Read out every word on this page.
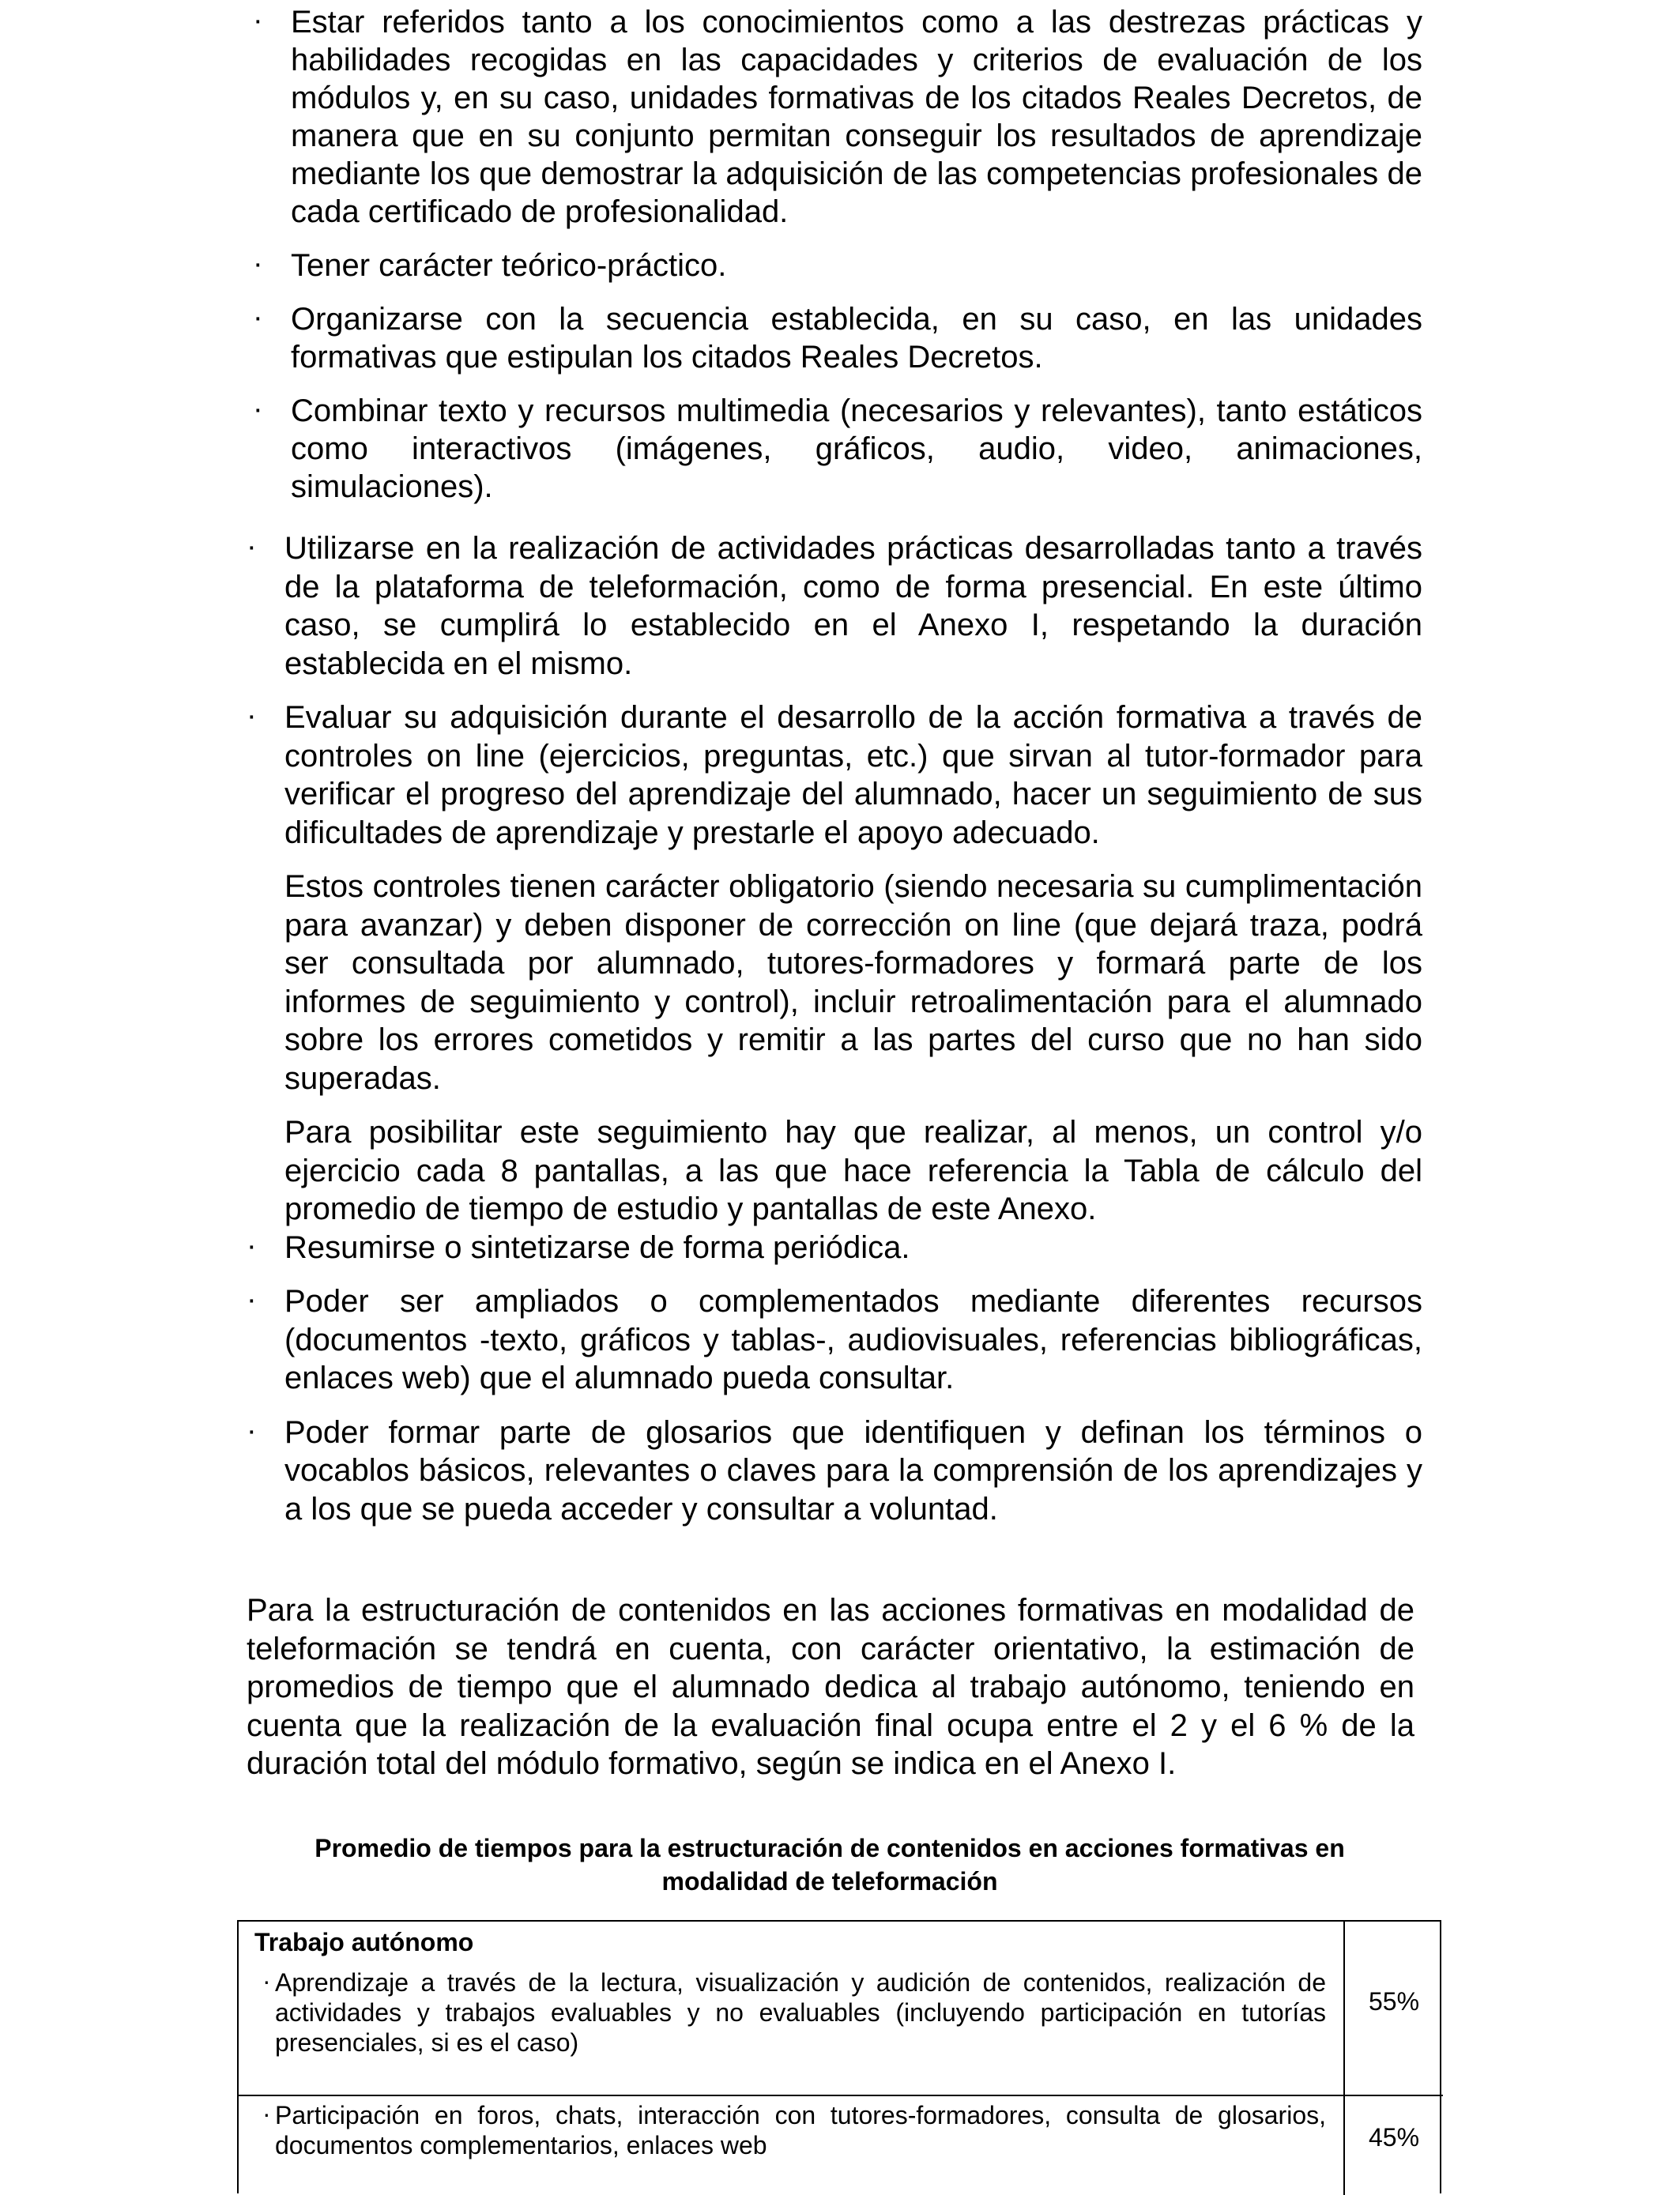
· Estar referidos tanto a los conocimientos como a las destrezas prácticas y habilidades recogidas en las capacidades y criterios de evaluación de los módulos y, en su caso, unidades formativas de los citados Reales Decretos, de manera que en su conjunto permitan conseguir los resultados de aprendizaje mediante los que demostrar la adquisición de las competencias profesionales de cada certificado de profesionalidad.
· Tener carácter teórico-práctico.
· Organizarse con la secuencia establecida, en su caso, en las unidades formativas que estipulan los citados Reales Decretos.
· Combinar texto y recursos multimedia (necesarios y relevantes), tanto estáticos como interactivos (imágenes, gráficos, audio, video, animaciones, simulaciones).
· Utilizarse en la realización de actividades prácticas desarrolladas tanto a través de la plataforma de teleformación, como de forma presencial. En este último caso, se cumplirá lo establecido en el Anexo I, respetando la duración establecida en el mismo.
· Evaluar su adquisición durante el desarrollo de la acción formativa a través de controles on line (ejercicios, preguntas, etc.) que sirvan al tutor-formador para verificar el progreso del aprendizaje del alumnado, hacer un seguimiento de sus dificultades de aprendizaje y prestarle el apoyo adecuado.
Estos controles tienen carácter obligatorio (siendo necesaria su cumplimentación para avanzar) y deben disponer de corrección on line (que dejará traza, podrá ser consultada por alumnado, tutores-formadores y formará parte de los informes de seguimiento y control), incluir retroalimentación para el alumnado sobre los errores cometidos y remitir a las partes del curso que no han sido superadas.
Para posibilitar este seguimiento hay que realizar, al menos, un control y/o ejercicio cada 8 pantallas, a las que hace referencia la Tabla de cálculo del promedio de tiempo de estudio y pantallas de este Anexo.
· Resumirse o sintetizarse de forma periódica.
· Poder ser ampliados o complementados mediante diferentes recursos (documentos -texto, gráficos y tablas-, audiovisuales, referencias bibliográficas, enlaces web) que el alumnado pueda consultar.
· Poder formar parte de glosarios que identifiquen y definan los términos o vocablos básicos, relevantes o claves para la comprensión de los aprendizajes y a los que se pueda acceder y consultar a voluntad.
Para la estructuración de contenidos en las acciones formativas en modalidad de teleformación se tendrá en cuenta, con carácter orientativo, la estimación de promedios de tiempo que el alumnado dedica al trabajo autónomo, teniendo en cuenta que la realización de la evaluación final ocupa entre el 2 y el 6 % de la duración total del módulo formativo, según se indica en el Anexo I.
Promedio de tiempos para la estructuración de contenidos en acciones formativas en modalidad de teleformación
Trabajo autónomo
· Aprendizaje a través de la lectura, visualización y audición de contenidos, realización de actividades y trabajos evaluables y no evaluables (incluyendo participación en tutorías presenciales, si es el caso)
55%
· Participación en foros, chats, interacción con tutores-formadores, consulta de glosarios, documentos complementarios, enlaces web	45%
